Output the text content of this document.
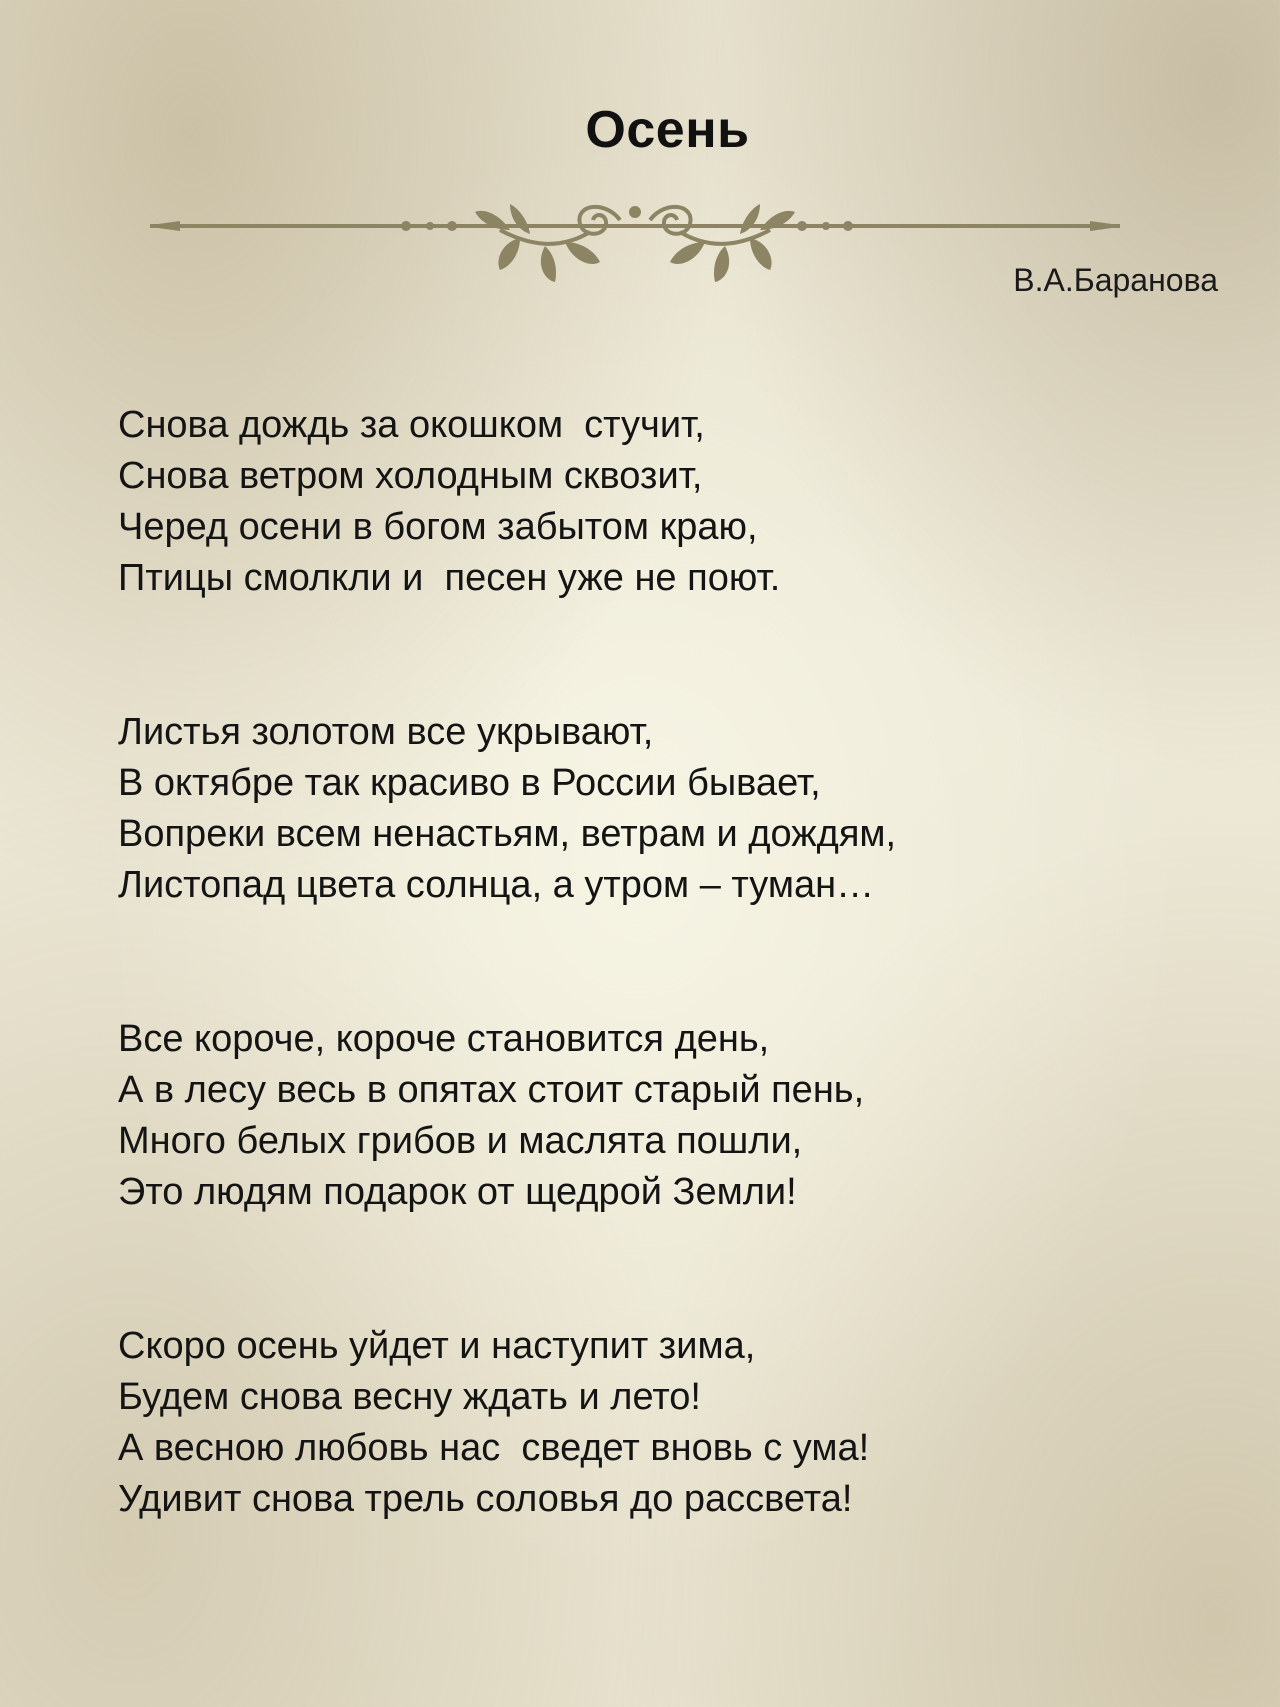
Осень
В.А.Баранова
Снова дождь за окошком  стучит,
Снова ветром холодным сквозит,
Черед осени в богом забытом краю,
Птицы смолкли и  песен уже не поют.
Листья золотом все укрывают,
В октябре так красиво в России бывает,
Вопреки всем ненастьям, ветрам и дождям,
Листопад цвета солнца, а утром – туман…
Все короче, короче становится день,
А в лесу весь в опятах стоит старый пень,
Много белых грибов и маслята пошли,
Это людям подарок от щедрой Земли!
Скоро осень уйдет и наступит зима,
Будем снова весну ждать и лето!
А весною любовь нас  сведет вновь с ума!
Удивит снова трель соловья до рассвета!
